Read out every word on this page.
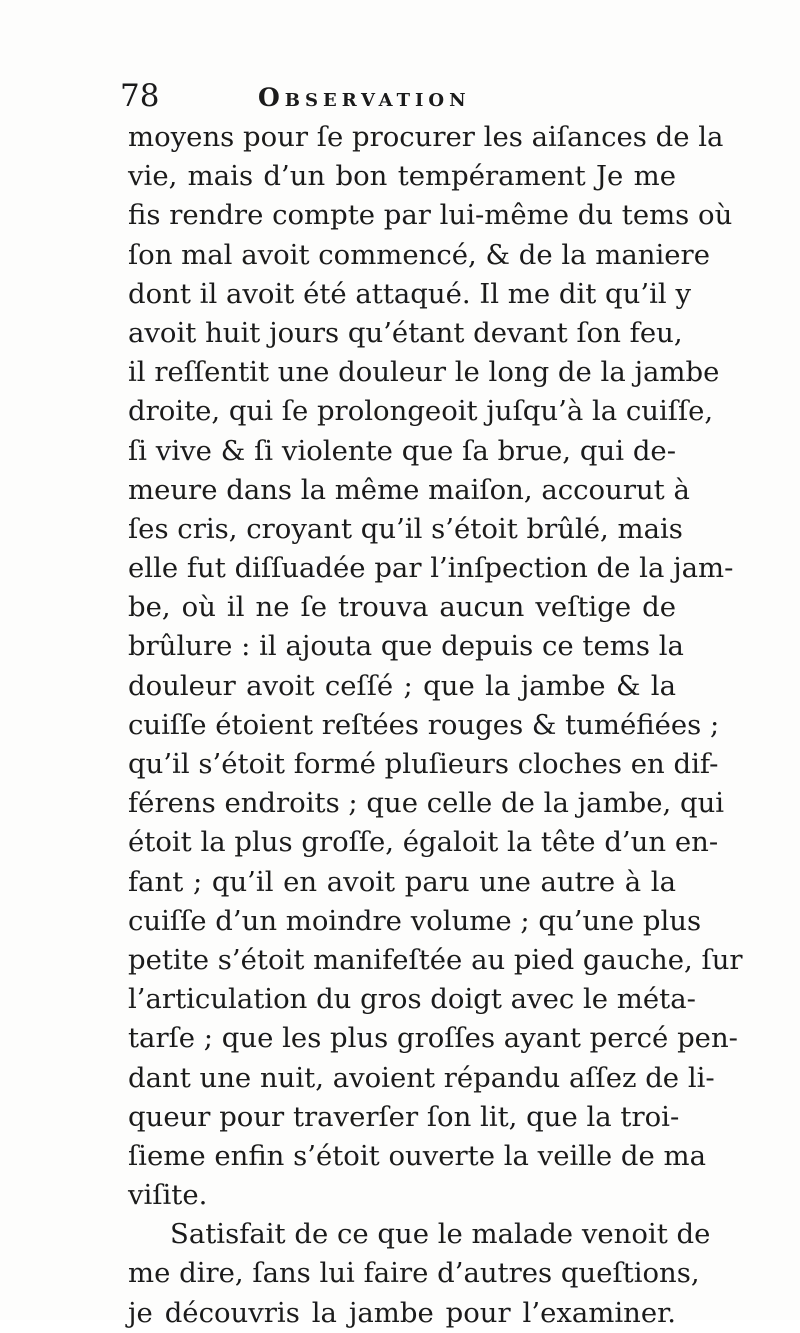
78	Observation
moyens pour ſe procurer les aiſances de la
vie, mais d’un bon tempérament Je me
fis rendre compte par lui-même du tems où
ſon mal avoit commencé, & de la maniere
dont il avoit été attaqué. Il me dit qu’il y
avoit huit jours qu’étant devant ſon feu,
il reſſentit une douleur le long de la jambe
droite, qui ſe prolongeoit juſqu’à la cuiſſe,
ſi vive & ſi violente que ſa brue, qui de-
meure dans la même maiſon, accourut à
ſes cris, croyant qu’il s’étoit brûlé, mais
elle fut diſſuadée par l’inſpection de la jam-
be, où il ne ſe trouva aucun veſtige de
brûlure : il ajouta que depuis ce tems la
douleur avoit ceſſé ; que la jambe & la
cuiſſe étoient reſtées rouges & tuméfiées ;
qu’il s’étoit formé pluſieurs cloches en dif-
férens endroits ; que celle de la jambe, qui
étoit la plus groſſe, égaloit la tête d’un en-
fant ; qu’il en avoit paru une autre à la
cuiſſe d’un moindre volume ; qu’une plus
petite s’étoit manifeſtée au pied gauche, ſur
l’articulation du gros doigt avec le méta-
tarſe ; que les plus groſſes ayant percé pen-
dant une nuit, avoient répandu aſſez de li-
queur pour traverſer ſon lit, que la troi-
ſieme enfin s’étoit ouverte la veille de ma
viſite.
Satisfait de ce que le malade venoit de
me dire, ſans lui faire d’autres queſtions,
je découvris la jambe pour l’examiner.
